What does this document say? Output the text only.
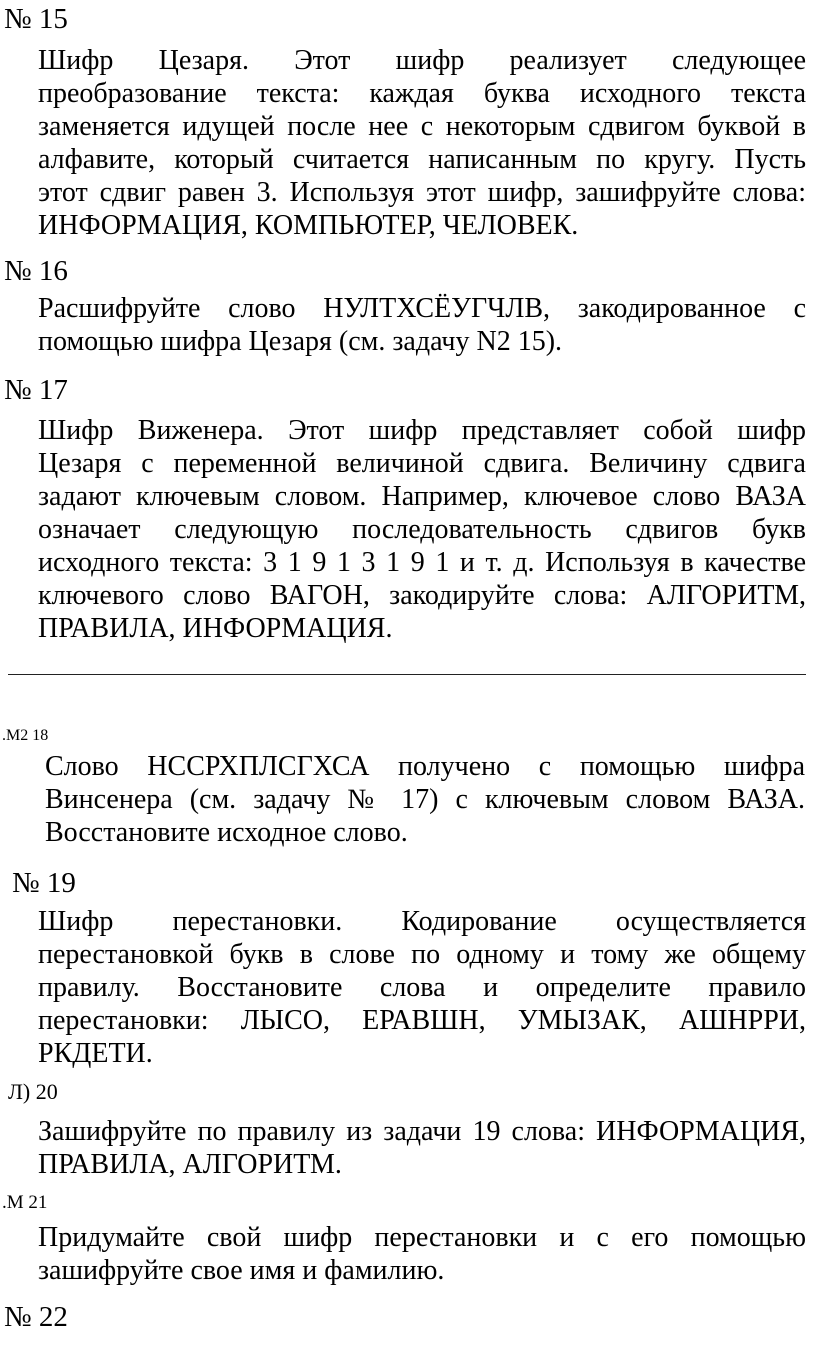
№ 15
Шифр Цезаря. Этот шифр реализует следующее
преобразование текста: каждая буква исходного текста
заменяется идущей после нее с некоторым сдвигом буквой в
алфавите, который считается написанным по кругу. Пусть
этот сдвиг равен 3. Используя этот шифр, зашифруйте слова:
ИНФОРМАЦИЯ, КОМПЬЮТЕР, ЧЕЛОВЕК.
№ 16
Расшифруйте слово НУЛТХСЁУГЧЛВ, закодированное с
помощью шифра Цезаря (см. задачу N2 15).
№ 17
Шифр Виженера. Этот шифр представляет собой шифр
Цезаря с переменной величиной сдвига. Величину сдвига
задают ключевым словом. Например, ключевое слово ВАЗА
означает следующую последовательность сдвигов букв
исходного текста: 3 1 9 1 3 1 9 1 и т. д. Используя в качестве
ключевого слово ВАГОН, закодируйте слова: АЛГОРИТМ,
ПРАВИЛА, ИНФОРМАЦИЯ.
.М2 18
Слово НССРХПЛСГХСА получено с помощью шифра
Винсенера (см. задачу № 17) с ключевым словом ВАЗА.
Восстановите исходное слово.
№ 19
Шифр перестановки. Кодирование осуществляется
перестановкой букв в слове по одному и тому же общему
правилу. Восстановите слова и определите правило
перестановки: ЛЫСО, ЕРАВШН, УМЫЗАК, АШНРРИ,
РКДЕТИ.
Л) 20
Зашифруйте по правилу из задачи 19 слова: ИНФОРМАЦИЯ,
ПРАВИЛА, АЛГОРИТМ.
.М 21
Придумайте свой шифр перестановки и с его помощью
зашифруйте свое имя и фамилию.
№ 22
